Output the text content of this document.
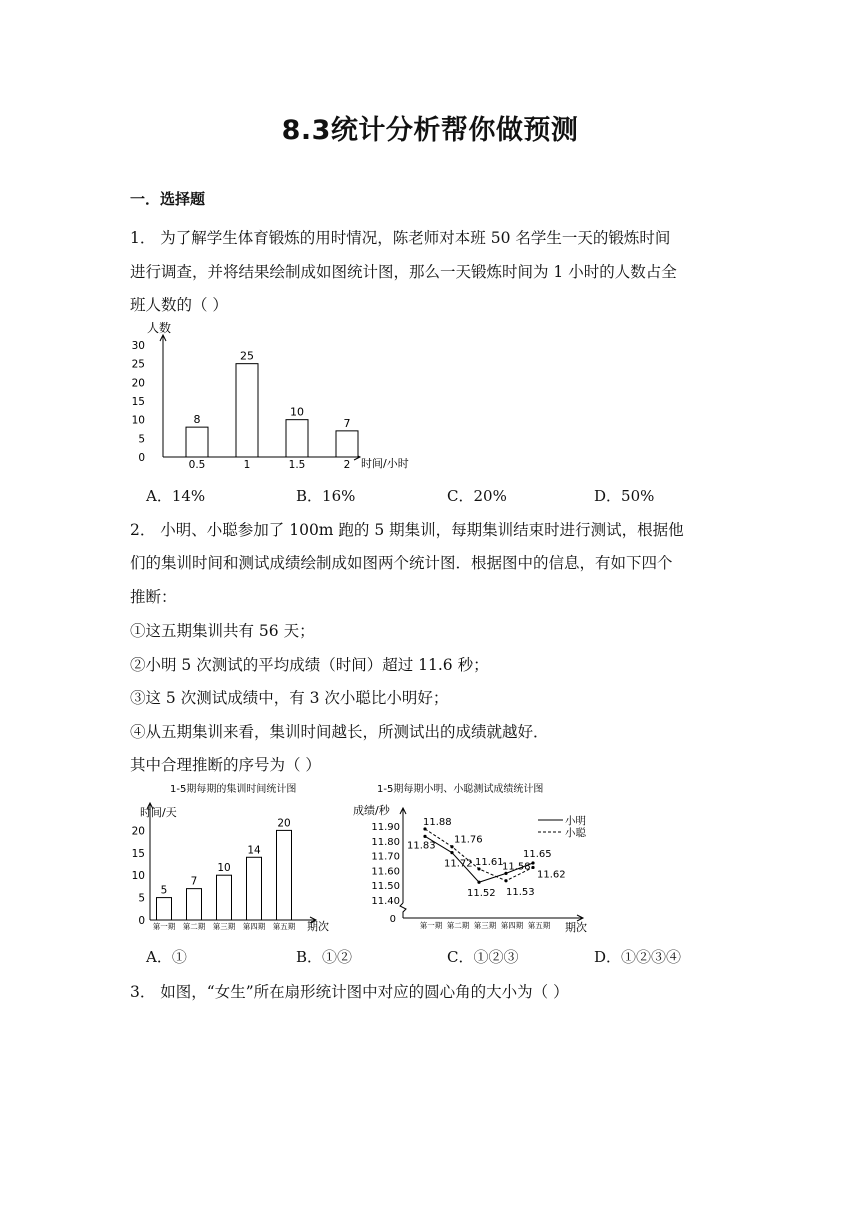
8.3统计分析帮你做预测
一．选择题
1． 为了解学生体育锻炼的用时情况，陈老师对本班 50 名学生一天的锻炼时间
进行调查，并将结果绘制成如图统计图，那么一天锻炼时间为 1 小时的人数占全
班人数的（ ）
人数
时间/小时
0
5
10
15
20
25
30
8
0.5
25
1
10
1.5
7
2
A．14%	B．16%	C．20%	D．50%
2． 小明、小聪参加了 100m 跑的 5 期集训，每期集训结束时进行测试，根据他
们的集训时间和测试成绩绘制成如图两个统计图．根据图中的信息，有如下四个
推断：
①这五期集训共有 56 天；
②小明 5 次测试的平均成绩（时间）超过 11.6 秒；
③这 5 次测试成绩中，有 3 次小聪比小明好；
④从五期集训来看，集训时间越长，所测试出的成绩就越好．
其中合理推断的序号为（ ）
1-5期每期的集训时间统计图
时间/天
期次
0
5
10
15
20
5
第一期
7
第二期
10
第三期
14
第四期
20
第五期
1-5期每期小明、小聪测试成绩统计图
成绩/秒
期次
0
11.40
11.50
11.60
11.70
11.80
11.90
第一期 第二期 第三期 第四期 第五期
小明
小聪
11.83
11.72
11.52
11.58
11.65
11.88
11.76
11.61
11.53
11.62
A．①	B．①②	C．①②③	D．①②③④
3． 如图，“女生”所在扇形统计图中对应的圆心角的大小为（ ）
